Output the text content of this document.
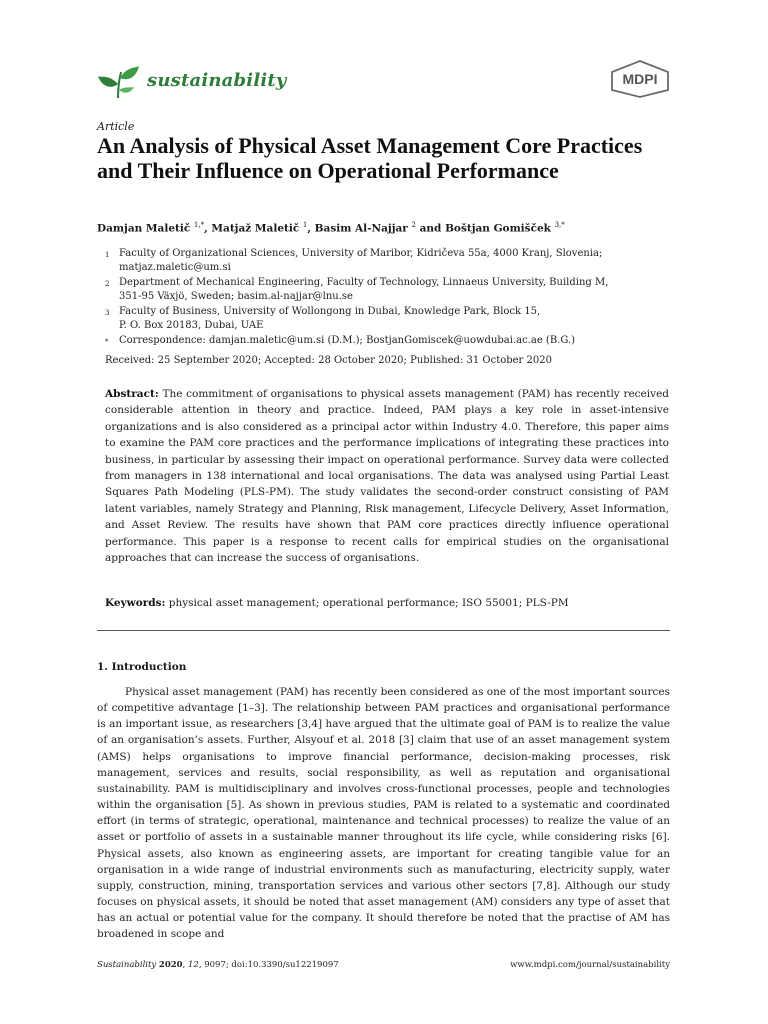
sustainability	MDPI
Article
An Analysis of Physical Asset Management Core Practices and Their Influence on Operational Performance
Damjan Maletič $^{1,*}$, Matjaž Maletič $^1$, Basim Al-Najjar $^2$ and Boštjan Gomišček $^{3,*}$
1 Faculty of Organizational Sciences, University of Maribor, Kidričeva 55a, 4000 Kranj, Slovenia;
matjaz.maletic@um.si
2 Department of Mechanical Engineering, Faculty of Technology, Linnaeus University, Building M,
351-95 Växjö, Sweden; basim.al-najjar@lnu.se
3 Faculty of Business, University of Wollongong in Dubai, Knowledge Park, Block 15,
P. O. Box 20183, Dubai, UAE
* Correspondence: damjan.maletic@um.si (D.M.); BostjanGomiscek@uowdubai.ac.ae (B.G.)
Received: 25 September 2020; Accepted: 28 October 2020; Published: 31 October 2020
Abstract: The commitment of organisations to physical assets management (PAM) has recently received considerable attention in theory and practice. Indeed, PAM plays a key role in asset-intensive organizations and is also considered as a principal actor within Industry 4.0. Therefore, this paper aims to examine the PAM core practices and the performance implications of integrating these practices into business, in particular by assessing their impact on operational performance. Survey data were collected from managers in 138 international and local organisations. The data was analysed using Partial Least Squares Path Modeling (PLS-PM). The study validates the second-order construct consisting of PAM latent variables, namely Strategy and Planning, Risk management, Lifecycle Delivery, Asset Information, and Asset Review. The results have shown that PAM core practices directly influence operational performance. This paper is a response to recent calls for empirical studies on the organisational approaches that can increase the success of organisations.
Keywords: physical asset management; operational performance; ISO 55001; PLS-PM
1. Introduction
Physical asset management (PAM) has recently been considered as one of the most important sources of competitive advantage [1–3]. The relationship between PAM practices and organisational performance is an important issue, as researchers [3,4] have argued that the ultimate goal of PAM is to realize the value of an organisation’s assets. Further, Alsyouf et al. 2018 [3] claim that use of an asset management system (AMS) helps organisations to improve financial performance, decision-making processes, risk management, services and results, social responsibility, as well as reputation and organisational sustainability. PAM is multidisciplinary and involves cross-functional processes, people and technologies within the organisation [5]. As shown in previous studies, PAM is related to a systematic and coordinated effort (in terms of strategic, operational, maintenance and technical processes) to realize the value of an asset or portfolio of assets in a sustainable manner throughout its life cycle, while considering risks [6]. Physical assets, also known as engineering assets, are important for creating tangible value for an organisation in a wide range of industrial environments such as manufacturing, electricity supply, water supply, construction, mining, transportation services and various other sectors [7,8]. Although our study focuses on physical assets, it should be noted that asset management (AM) considers any type of asset that has an actual or potential value for the company. It should therefore be noted that the practise of AM has broadened in scope and
Sustainability 2020, 12, 9097; doi:10.3390/su12219097	www.mdpi.com/journal/sustainability
